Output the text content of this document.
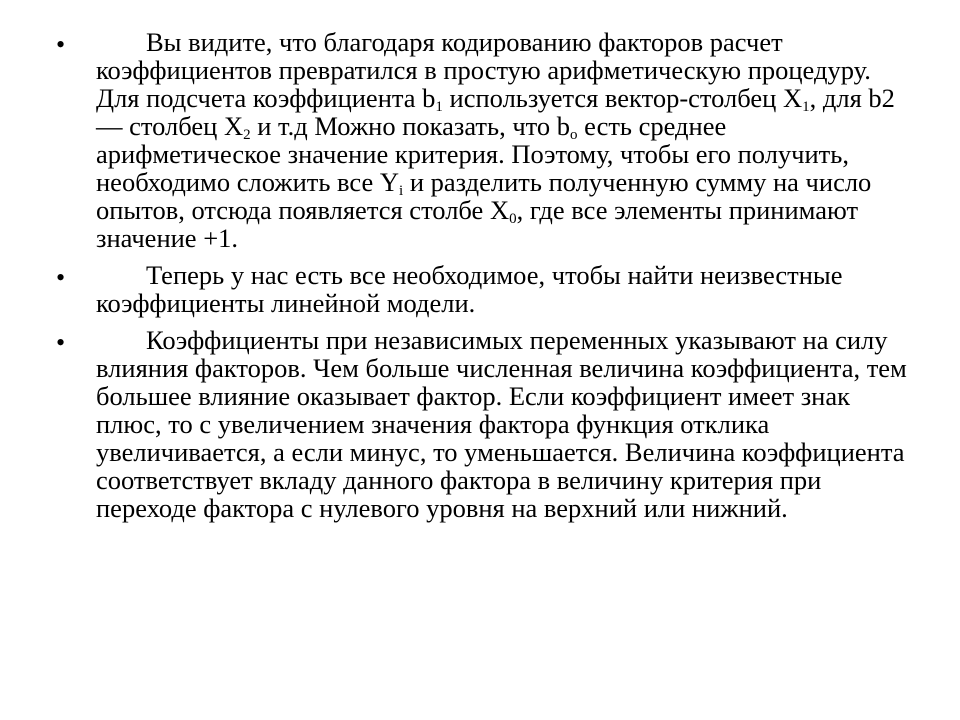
•	Вы видите, что благодаря кодированию факторов расчет коэффициентов превратился в простую арифметическую процедуру. Для подсчета коэффициента $b_1$ используется вектор-столбец $X_1$, для b2 — столбец $X_2$ и т.д Можно показать, что $b_o$ есть среднее арифметическое значение критерия. Поэтому, чтобы его получить, необходимо сложить все $Y_i$ и разделить полученную сумму на число опытов, отсюда появляется столбе $X_0$, где все элементы принимают значение +1.
•	Теперь у нас есть все необходимое, чтобы найти неизвестные коэффициенты линейной модели.
•	Коэффициенты при независимых переменных указывают на силу влияния факторов. Чем больше численная величина коэффициента, тем большее влияние оказывает фактор. Если коэффициент имеет знак плюс, то с увеличением значения фактора функция отклика увеличивается, а если минус, то уменьшается. Величина коэффициента соответствует вкладу данного фактора в величину критерия при переходе фактора с нулевого уровня на верхний или нижний.
